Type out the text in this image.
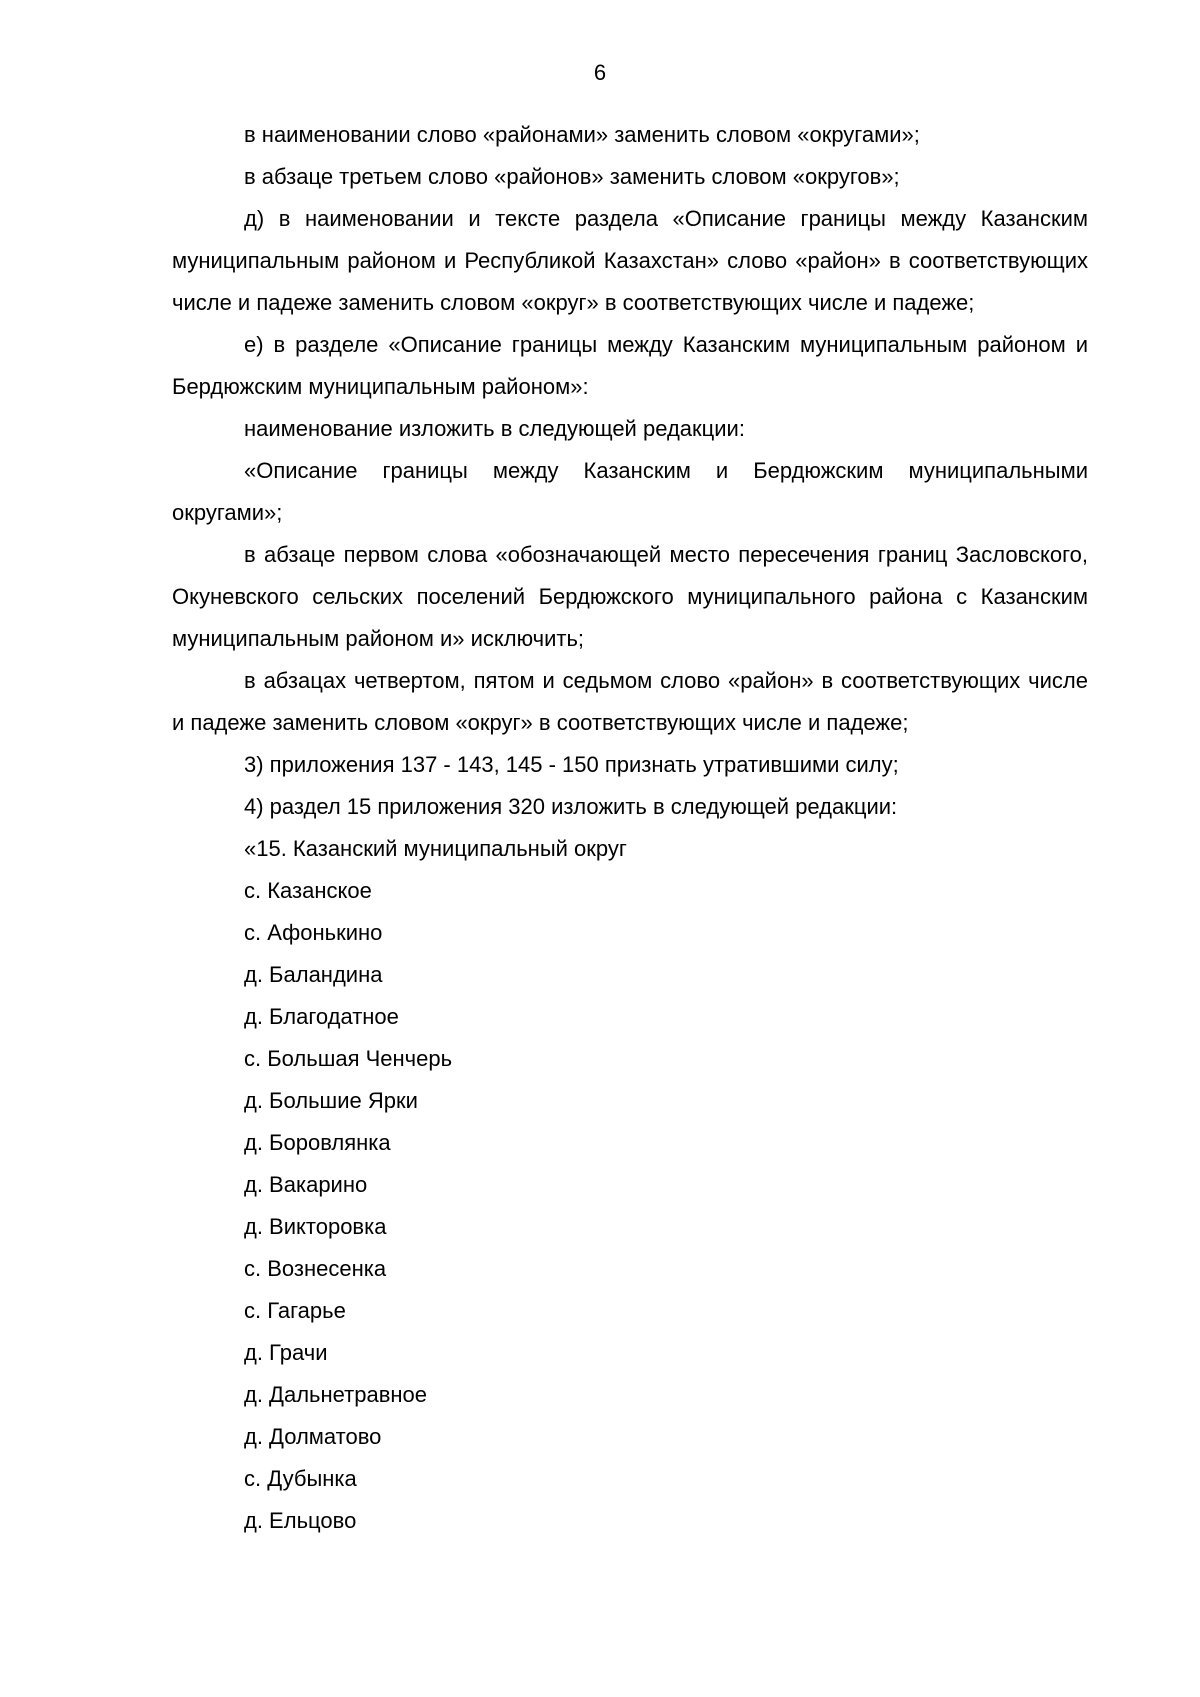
6

в наименовании слово «районами» заменить словом «округами»;

в абзаце третьем слово «районов» заменить словом «округов»;

д) в наименовании и тексте раздела «Описание границы между Казанским муниципальным районом и Республикой Казахстан» слово «район» в соответствующих числе и падеже заменить словом «округ» в соответствующих числе и падеже;

е) в разделе «Описание границы между Казанским муниципальным районом и Бердюжским муниципальным районом»:

наименование изложить в следующей редакции:

«Описание границы между Казанским и Бердюжским муниципальными округами»;

в абзаце первом слова «обозначающей место пересечения границ Засловского, Окуневского сельских поселений Бердюжского муниципального района с Казанским муниципальным районом и» исключить;

в абзацах четвертом, пятом и седьмом слово «район» в соответствующих числе и падеже заменить словом «округ» в соответствующих числе и падеже;

3) приложения 137 - 143, 145 - 150 признать утратившими силу;

4) раздел 15 приложения 320 изложить в следующей редакции:

«15. Казанский муниципальный округ

с. Казанское

с. Афонькино

д. Баландина

д. Благодатное

с. Большая Ченчерь

д. Большие Ярки

д. Боровлянка

д. Вакарино

д. Викторовка

с. Вознесенка

с. Гагарье

д. Грачи

д. Дальнетравное

д. Долматово

с. Дубынка

д. Ельцово
